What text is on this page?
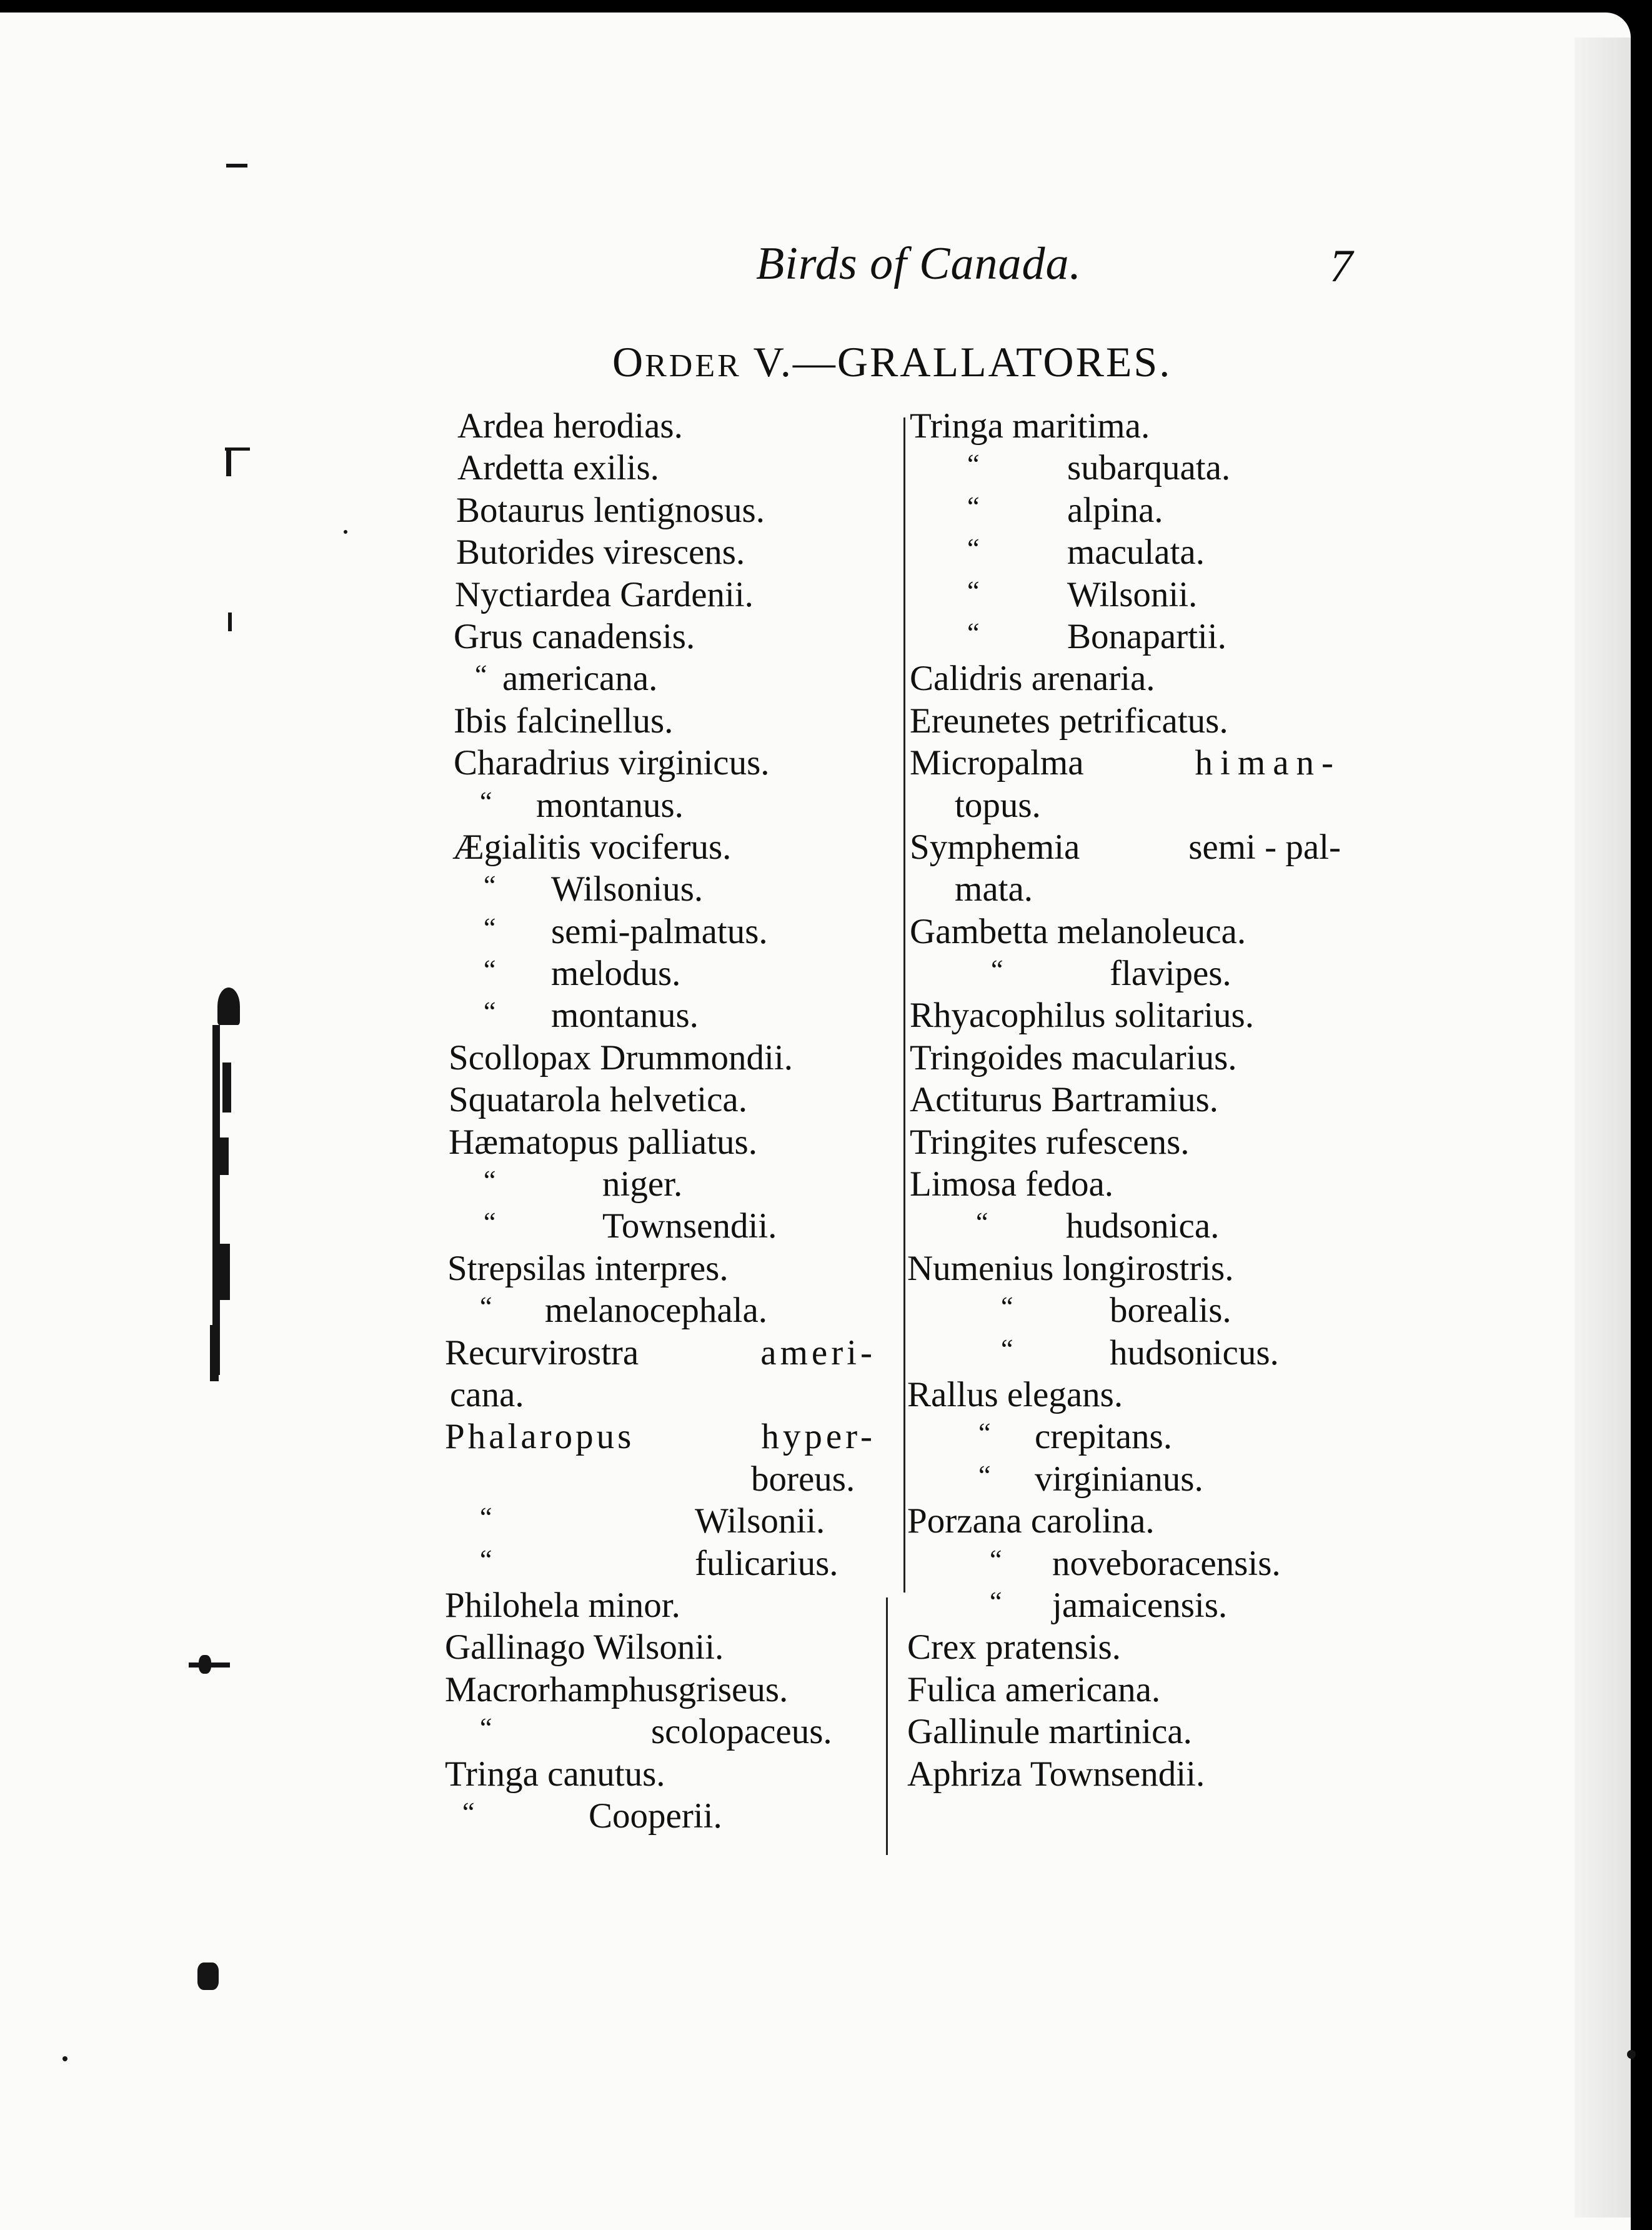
Birds of Canada.	7
ORDER V.—GRALLATORES.
Ardea herodias.
Ardetta exilis.
Botaurus lentignosus.
Butorides virescens.
Nyctiardea Gardenii.
Grus canadensis.
“ americana.
Ibis falcinellus.
Charadrius virginicus.
“ montanus.
Ægialitis vociferus.
“ Wilsonius.
“ semi-palmatus.
“ melodus.
“ montanus.
Scollopax Drummondii.
Squatarola helvetica.
Hæmatopus palliatus.
“	niger.
“	Townsendii.
Strepsilas interpres.
“ melanocephala.
Recurvirostra	ameri-
cana.
Phalaropus	hyper-
boreus.
“	Wilsonii.
“	fulicarius.
Philohela minor.
Gallinago Wilsonii.
Macrorhamphusgriseus.
“	scolopaceus.
Tringa canutus.
“	Cooperii.
Tringa maritima.
“ subarquata.
“ alpina.
“ maculata.
“ Wilsonii.
“ Bonapartii.
Calidris arenaria.
Ereunetes petrificatus.
Micropalma	himan-
topus.
Symphemia	semi - pal-
mata.
Gambetta melanoleuca.
“	flavipes.
Rhyacophilus solitarius.
Tringoides macularius.
Actiturus Bartramius.
Tringites rufescens.
Limosa fedoa.
“ hudsonica.
Numenius longirostris.
“	borealis.
“	hudsonicus.
Rallus elegans.
“ crepitans.
“ virginianus.
Porzana carolina.
“ noveboracensis.
“ jamaicensis.
Crex pratensis.
Fulica americana.
Gallinule martinica.
Aphriza Townsendii.
